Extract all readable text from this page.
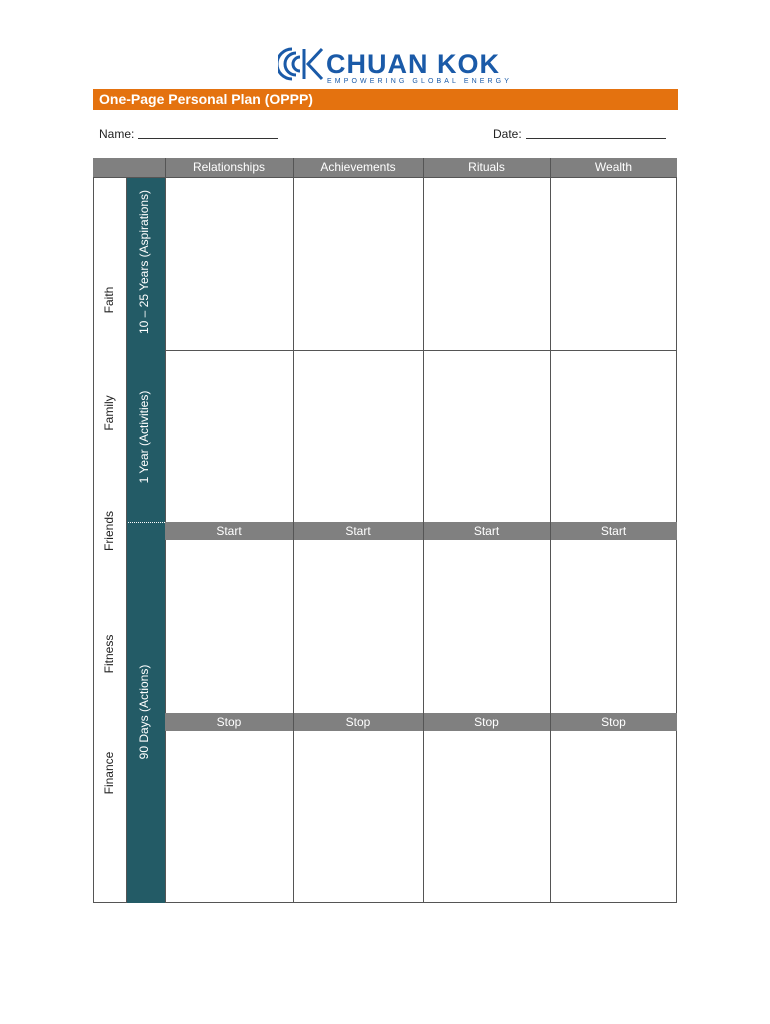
CHUAN KOK
EMPOWERING GLOBAL ENERGY
One-Page Personal Plan (OPPP)
Name:	Date:
Relationships	Achievements	Rituals	Wealth
Start	Start	Start	Start
Stop	Stop	Stop	Stop
10 – 25 Years (Aspirations)
1 Year (Activities)
90 Days (Actions)
Faith
Family
Friends
Fitness
Finance
